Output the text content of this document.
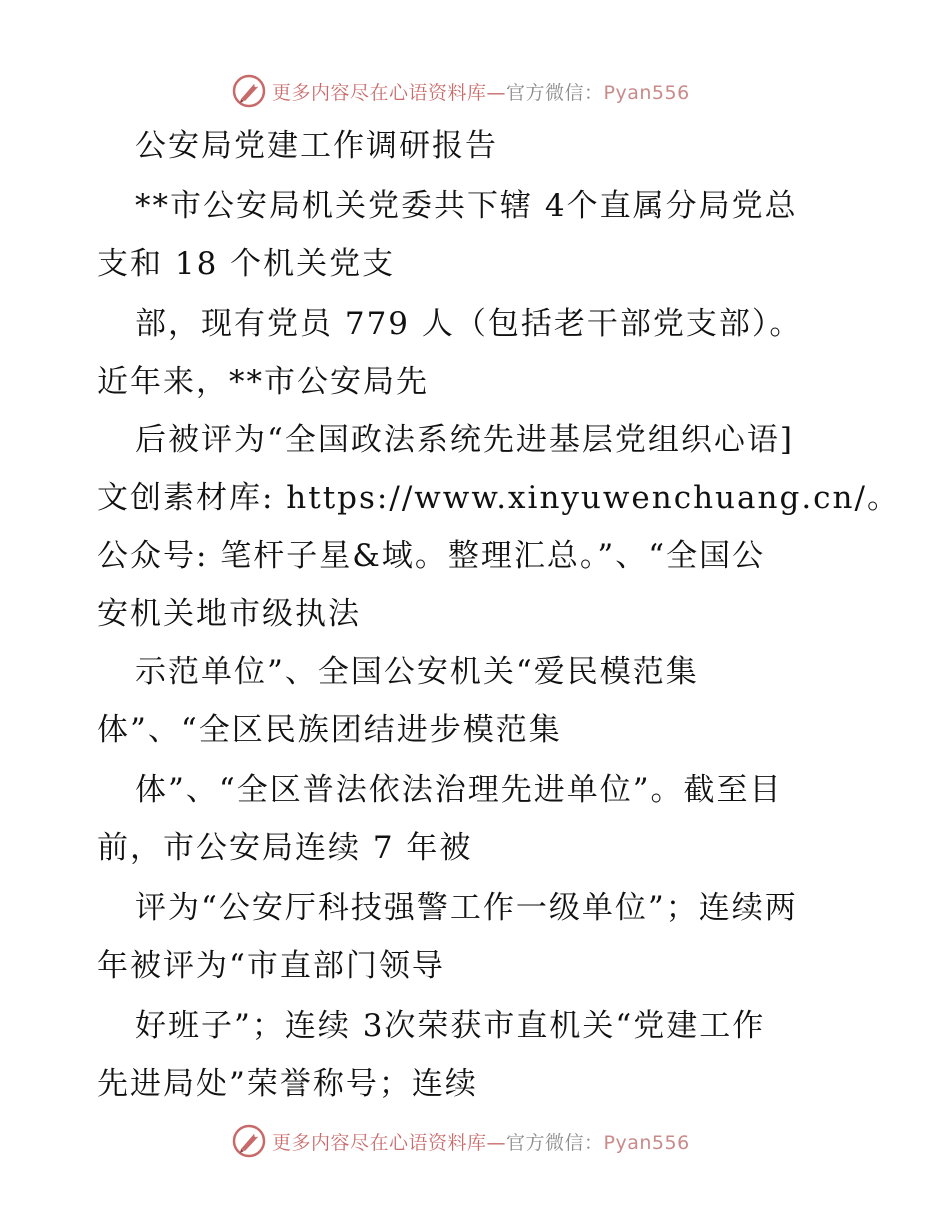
更多内容尽在心语资料库—官方微信：Pyan556
公安局党建工作调研报告
**市公安局机关党委共下辖 4个直属分局党总
支和 18 个机关党支
部，现有党员 779 人（包括老干部党支部）。
近年来，**市公安局先
后被评为“全国政法系统先进基层党组织心语]
文创素材库: https://www.xinyuwenchuang.cn/。
公众号: 笔杆子星&域。整理汇总。”、“全国公
安机关地市级执法
示范单位”、全国公安机关“爱民模范集
体”、“全区民族团结进步模范集
体”、“全区普法依法治理先进单位”。截至目
前，市公安局连续 7 年被
评为“公安厅科技强警工作一级单位”；连续两
年被评为“市直部门领导
好班子”；连续 3次荣获市直机关“党建工作
先进局处”荣誉称号；连续
更多内容尽在心语资料库—官方微信：Pyan556
